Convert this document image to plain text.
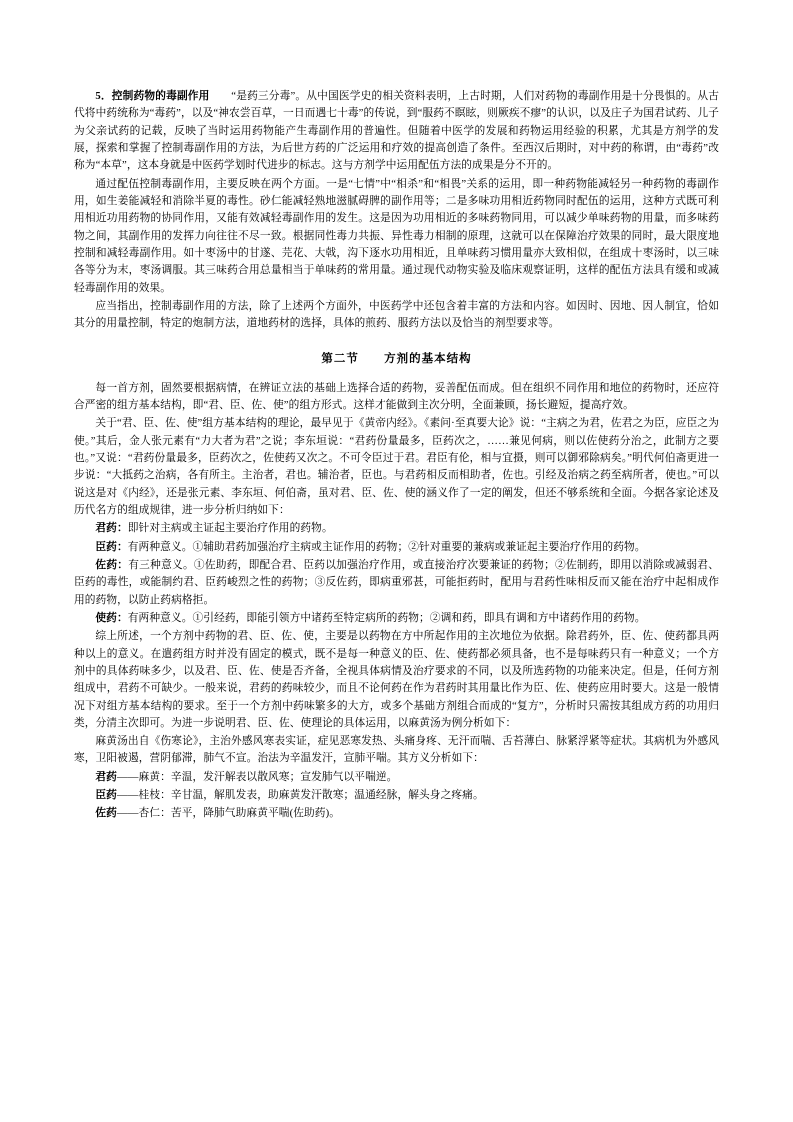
5．控制药物的毒副作用　　 “是药三分毒”。从中国医学史的相关资料表明，上古时期，人们对药物的毒副作用是十分畏惧的。从古代将中药统称为“毒药”，以及“神农尝百草，一日而遇七十毒”的传说，到“服药不瞑眩，则厥疾不瘳”的认识，以及庄子为国君试药、儿子为父亲试药的记载，反映了当时运用药物能产生毒副作用的普遍性。但随着中医学的发展和药物运用经验的积累，尤其是方剂学的发展，探索和掌握了控制毒副作用的方法，为后世方药的广泛运用和疗效的提高创造了条件。至西汉后期时，对中药的称谓，由“毒药”改称为“本草”，这本身就是中医药学划时代进步的标志。这与方剂学中运用配伍方法的成果是分不开的。

通过配伍控制毒副作用，主要反映在两个方面。一是“七情”中“相杀”和“相畏”关系的运用，即一种药物能减轻另一种药物的毒副作用，如生姜能减轻和消除半夏的毒性。砂仁能减轻熟地滋腻碍脾的副作用等；二是多味功用相近药物同时配伍的运用，这种方式既可利用相近功用药物的协同作用，又能有效减轻毒副作用的发生。这是因为功用相近的多味药物同用，可以减少单味药物的用量，而多味药物之间，其副作用的发挥力向往往不尽一致。根据同性毒力共振、异性毒力相制的原理，这就可以在保障治疗效果的同时，最大限度地控制和减轻毒副作用。如十枣汤中的甘遂、芫花、大戟，沟下逐水功用相近，且单味药习惯用量亦大致相似，在组成十枣汤时，以三味各等分为末，枣汤调服。其三味药合用总量相当于单味药的常用量。通过现代动物实验及临床观察证明，这样的配伍方法具有缓和或减轻毒副作用的效果。

应当指出，控制毒副作用的方法，除了上述两个方面外，中医药学中还包含着丰富的方法和内容。如因时、因地、因人制宜，恰如其分的用量控制，特定的炮制方法，道地药材的选择，具体的煎药、服药方法以及恰当的剂型要求等。

第二节 方剂的基本结构

每一首方剂，固然要根据病情，在辨证立法的基础上选择合适的药物，妥善配伍而成。但在组织不同作用和地位的药物时，还应符合严密的组方基本结构，即“君、臣、佐、使”的组方形式。这样才能做到主次分明，全面兼顾，扬长避短，提高疗效。

关于“君、臣、佐、使”组方基本结构的理论，最早见于《黄帝内经》。《素问·至真要大论》说：“主病之为君，佐君之为臣，应臣之为使。”其后，金人张元素有“力大者为君”之说；李东垣说：“君药份量最多，臣药次之，……兼见何病，则以佐使药分治之，此制方之要也。”又说：“君药份量最多，臣药次之，佐使药又次之。不可令臣过于君。君臣有伦，相与宜摄，则可以御邪除病矣。”明代何伯斋更进一步说：“大抵药之治病，各有所主。主治者，君也。辅治者，臣也。与君药相反而相助者，佐也。引经及治病之药至病所者，使也。”可以说这是对《内经》，还是张元素、李东垣、何伯斋，虽对君、臣、佐、使的涵义作了一定的阐发，但还不够系统和全面。今据各家论述及历代名方的组成规律，进一步分析归纳如下：

君药：即针对主病或主证起主要治疗作用的药物。

臣药：有两种意义。①辅助君药加强治疗主病或主证作用的药物；②针对重要的兼病或兼证起主要治疗作用的药物。

佐药：有三种意义。①佐助药，即配合君、臣药以加强治疗作用，或直接治疗次要兼证的药物；②佐制药，即用以消除或减弱君、臣药的毒性，或能制约君、臣药峻烈之性的药物；③反佐药，即病重邪甚，可能拒药时，配用与君药性味相反而又能在治疗中起相成作用的药物，以防止药病格拒。

使药：有两种意义。①引经药，即能引领方中诸药至特定病所的药物；②调和药，即具有调和方中诸药作用的药物。

综上所述，一个方剂中药物的君、臣、佐、使，主要是以药物在方中所起作用的主次地位为依据。除君药外，臣、佐、使药都具两种以上的意义。在遣药组方时并没有固定的模式，既不是每一种意义的臣、佐、使药都必须具备，也不是每味药只有一种意义；一个方剂中的具体药味多少，以及君、臣、佐、使是否齐备，全视具体病情及治疗要求的不同，以及所选药物的功能来决定。但是，任何方剂组成中，君药不可缺少。一般来说，君药的药味较少，而且不论何药在作为君药时其用量比作为臣、佐、使药应用时要大。这是一般情况下对组方基本结构的要求。至于一个方剂中药味繁多的大方，或多个基础方剂组合而成的“复方”，分析时只需按其组成方药的功用归类，分清主次即可。为进一步说明君、臣、佐、使理论的具体运用，以麻黄汤为例分析如下：

麻黄汤出自《伤寒论》，主治外感风寒表实证，症见恶寒发热、头痛身疼、无汗而喘、舌苔薄白、脉紧浮紧等症状。其病机为外感风寒，卫阳被遏，营阴郁滞，肺气不宣。治法为辛温发汗，宣肺平喘。其方义分析如下：

君药——麻黄：辛温，发汗解表以散风寒；宣发肺气以平喘逆。

臣药——桂枝：辛甘温，解肌发表，助麻黄发汗散寒；温通经脉，解头身之疼痛。

佐药——杏仁：苦平，降肺气助麻黄平喘(佐助药)。
